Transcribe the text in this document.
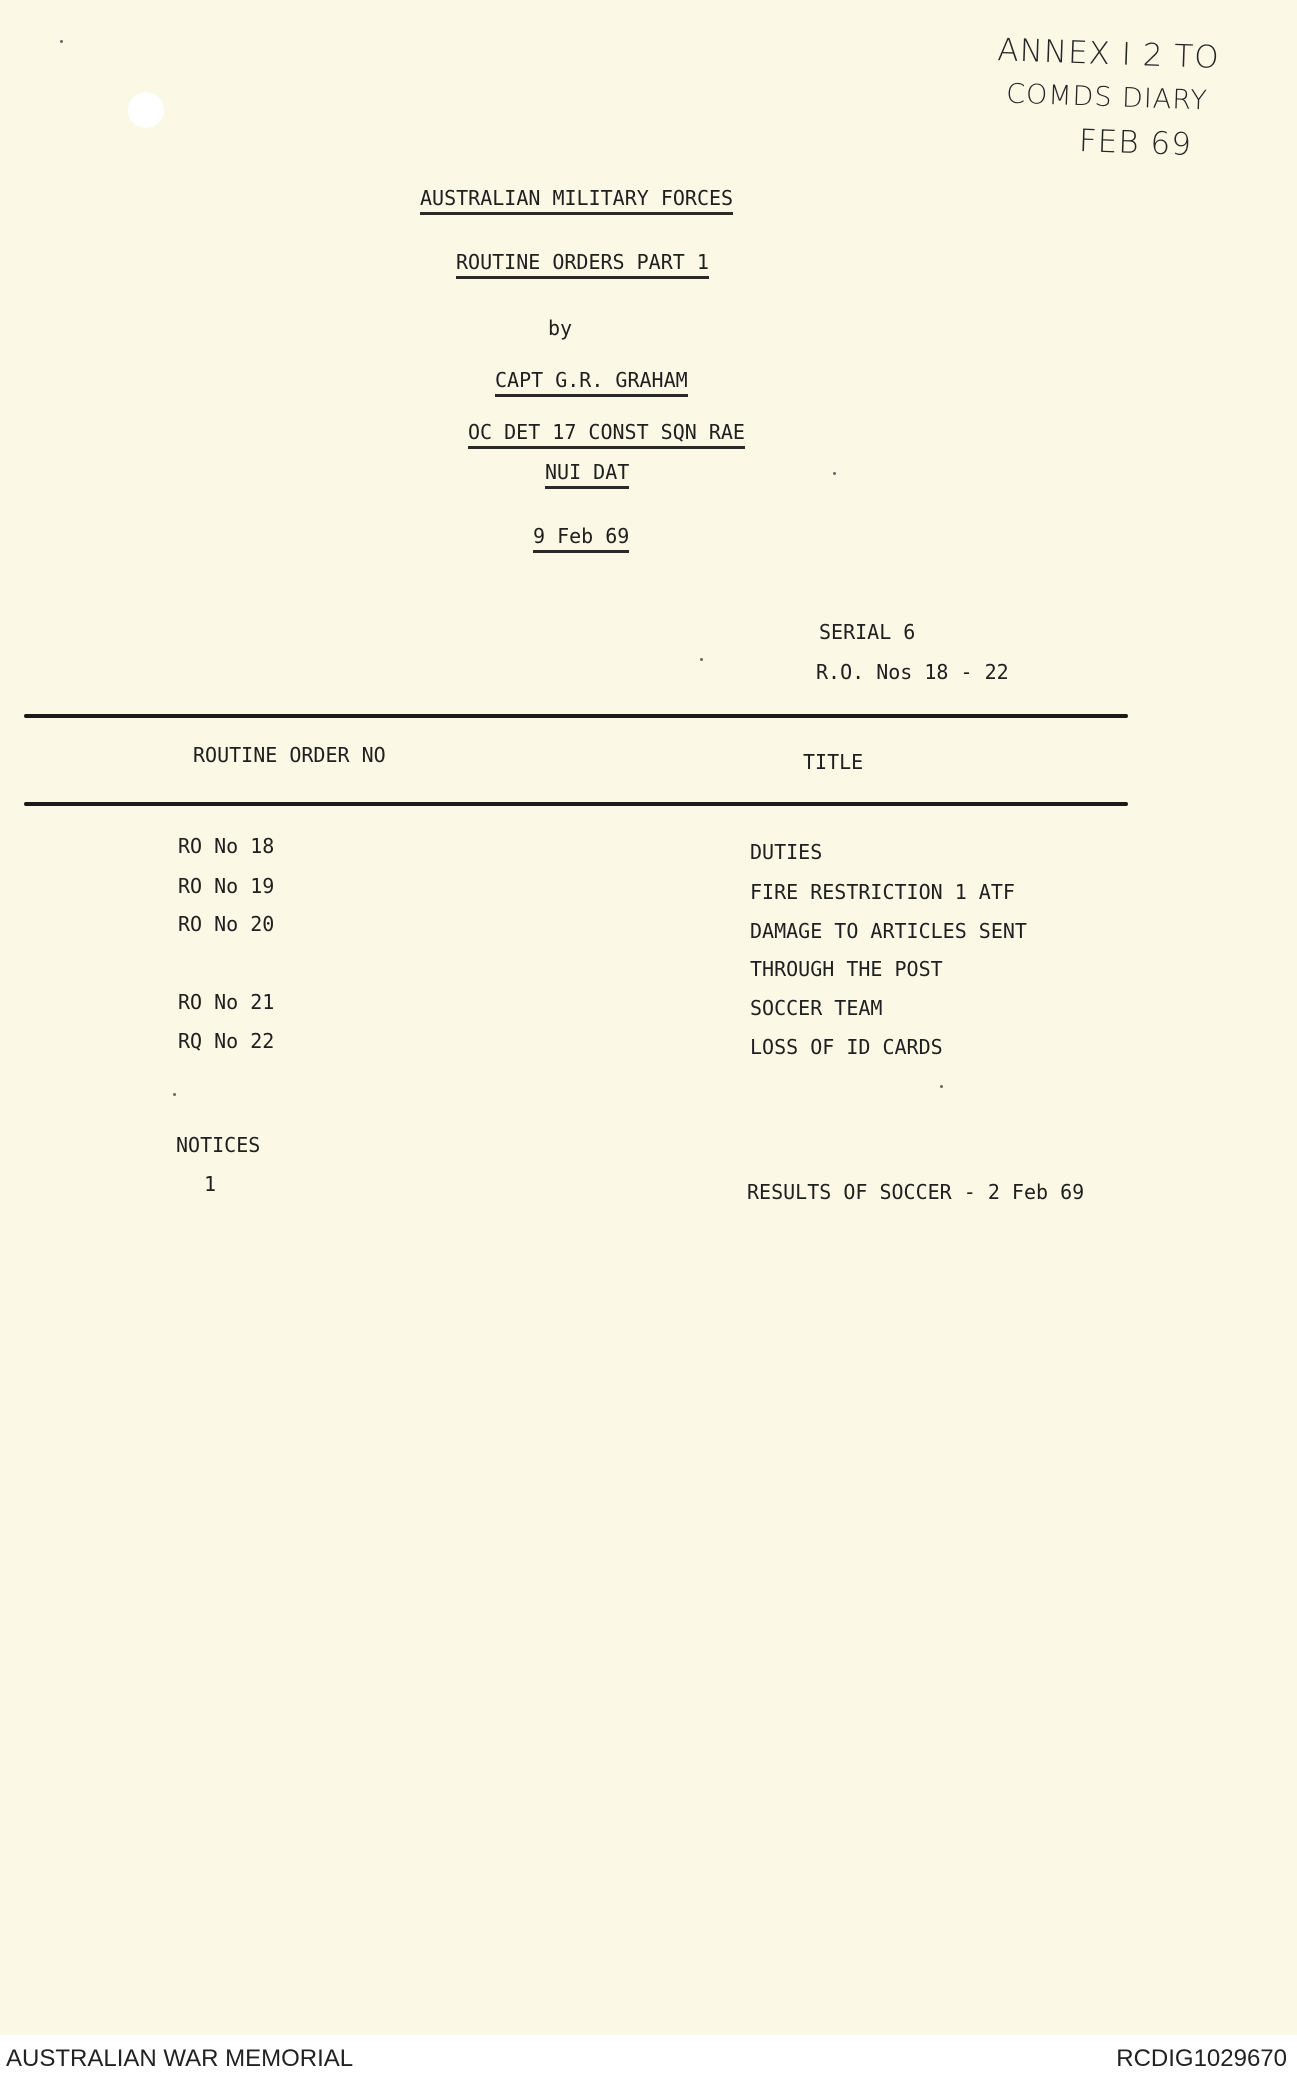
ANNEX I 2 TO
COMDS DIARY
FEB 69
AUSTRALIAN MILITARY FORCES
ROUTINE ORDERS PART 1
by
CAPT G.R. GRAHAM
OC DET 17 CONST SQN RAE
NUI DAT
9 Feb 69
SERIAL 6
R.O. Nos 18 - 22
ROUTINE ORDER NO	TITLE
RO No 18	DUTIES
RO No 19	FIRE RESTRICTION 1 ATF
RO No 20	DAMAGE TO ARTICLES SENT
THROUGH THE POST
RO No 21	SOCCER TEAM
RQ No 22	LOSS OF ID CARDS
NOTICES
1	RESULTS OF SOCCER - 2 Feb 69
AUSTRALIAN WAR MEMORIAL	RCDIG1029670
